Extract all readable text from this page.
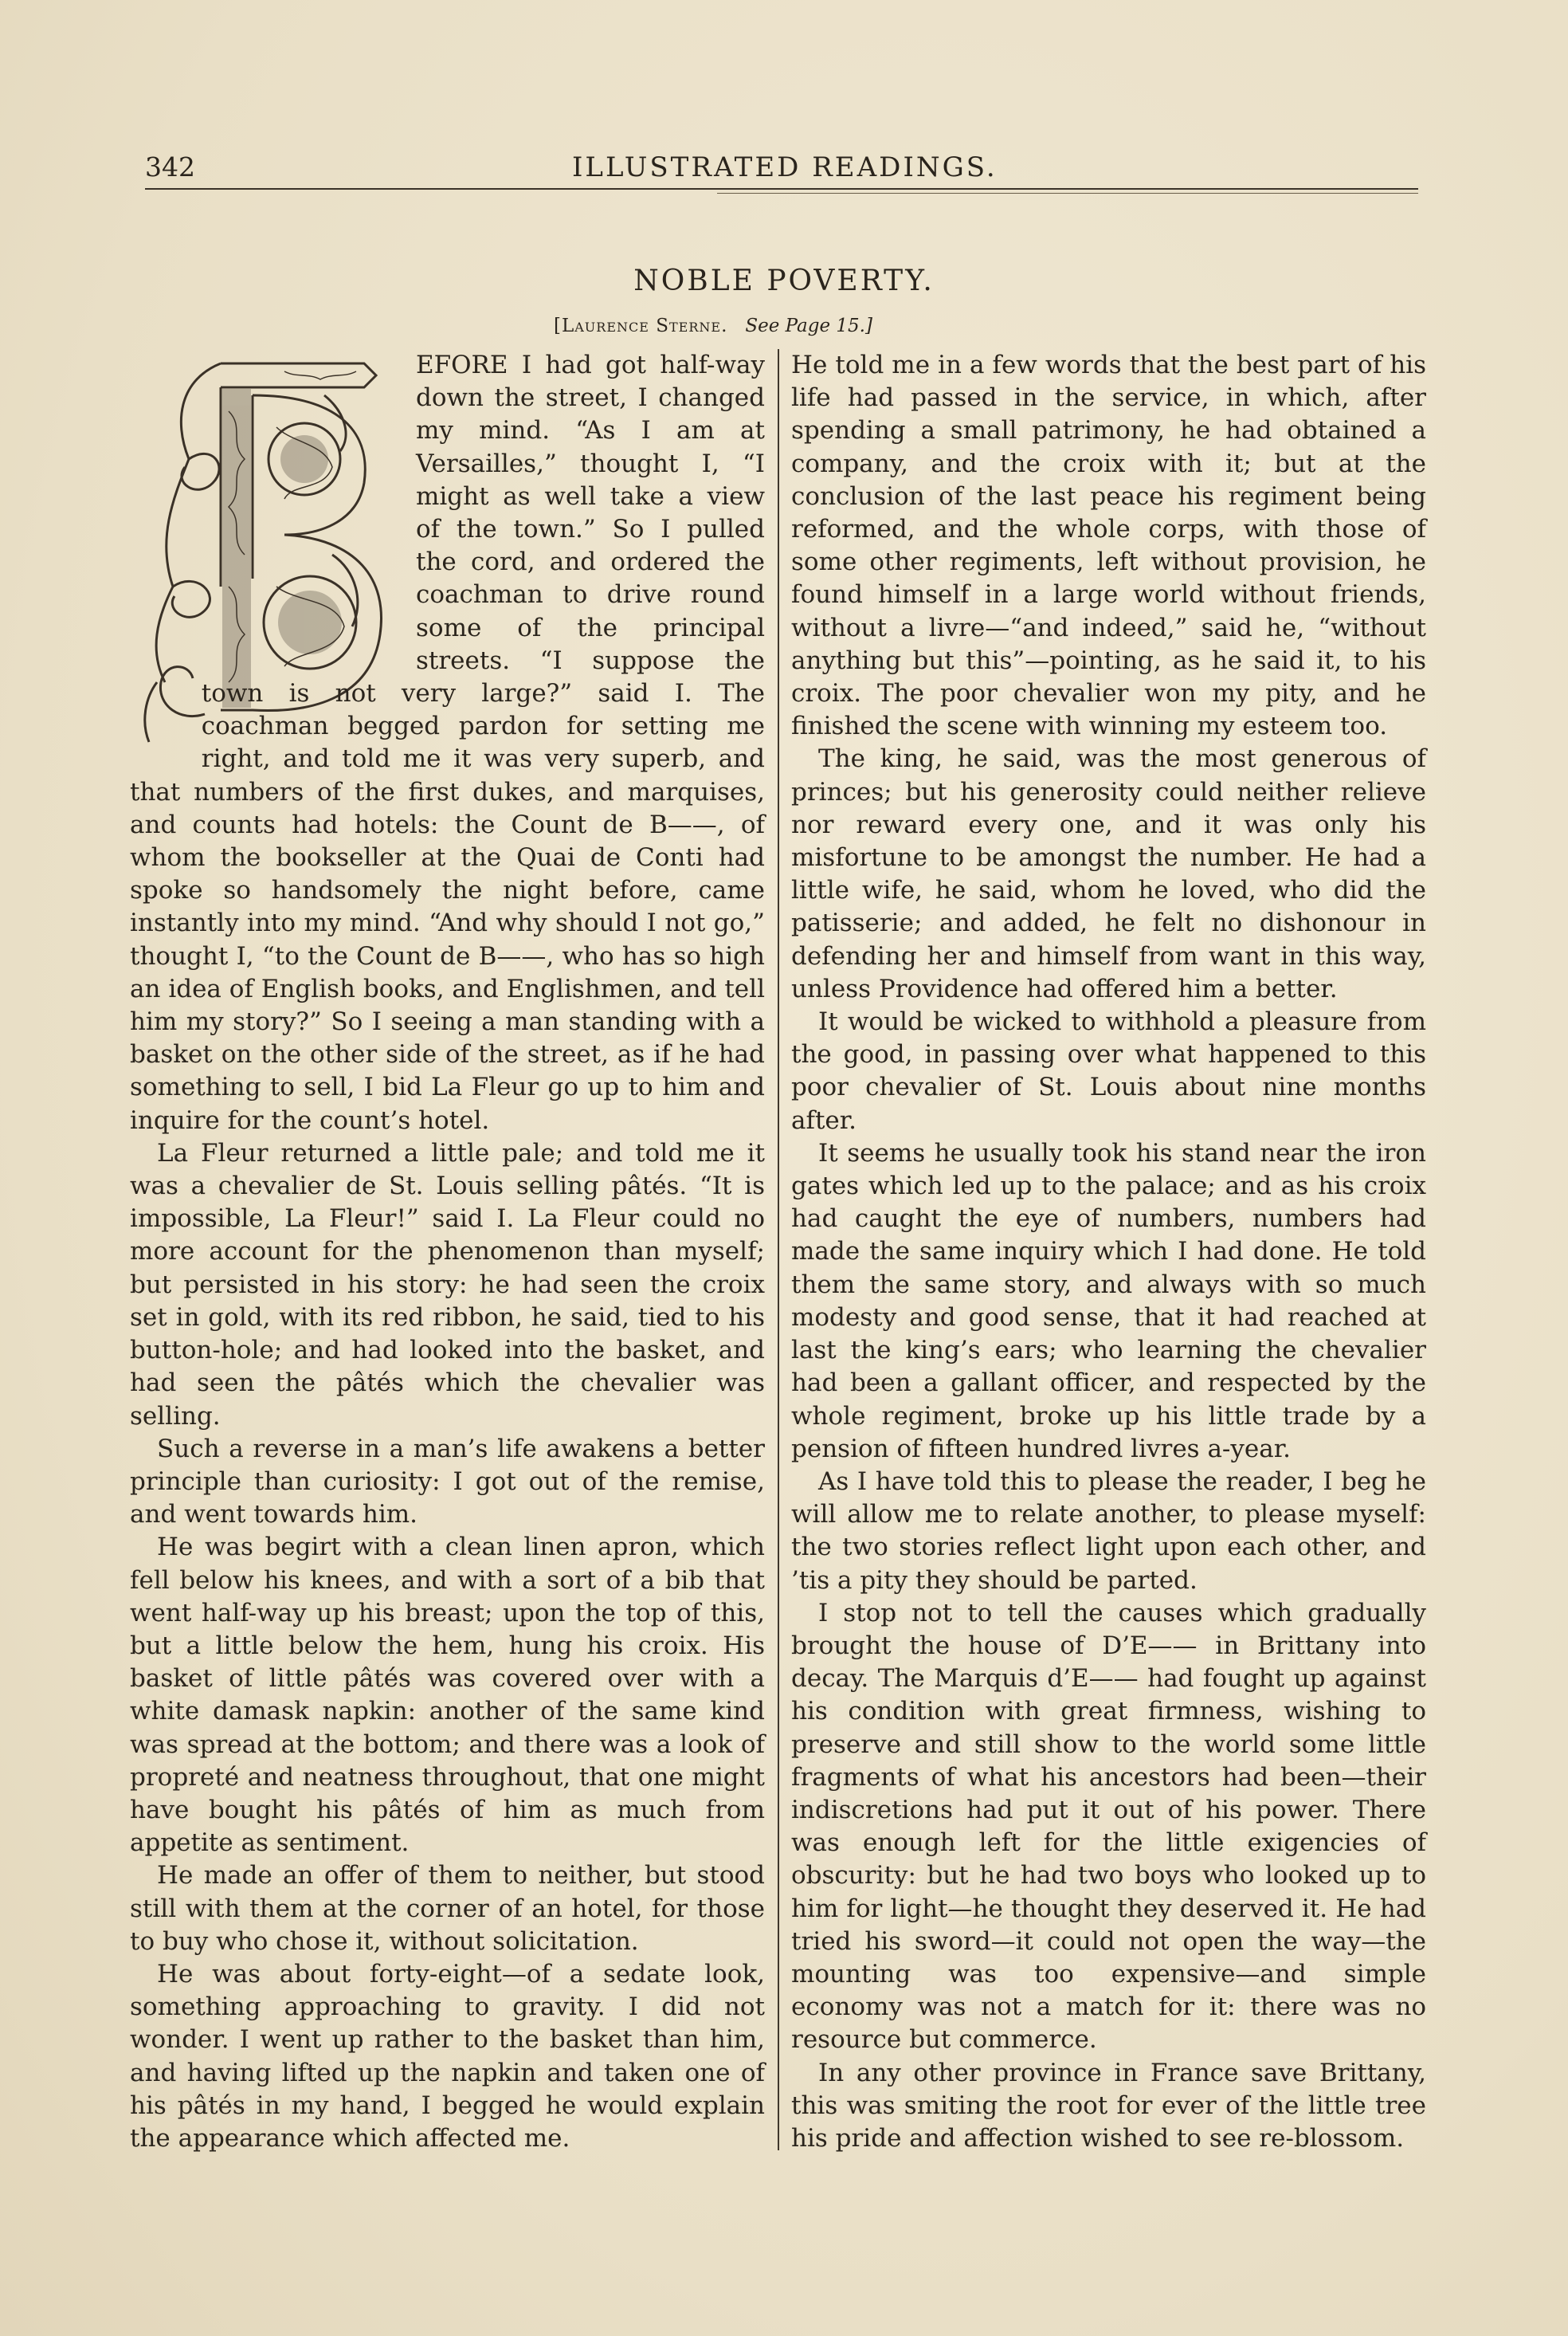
342	ILLUSTRATED READINGS.
NOBLE POVERTY.
[Laurence Sterne. See Page 15.]

EFORE I had got half-way down the street, I changed my mind. “As I am at Versailles,” thought I, “I might as well take a view of the town.” So I pulled the cord, and ordered the coachman to drive round some of the principal streets. “I suppose the town is not very large?” said I. The coachman begged pardon for setting me right, and told me it was very superb, and that numbers of the first dukes, and marquises, and counts had hotels: the Count de B——, of whom the bookseller at the Quai de Conti had spoke so handsomely the night before, came instantly into my mind. “And why should I not go,” thought I, “to the Count de B——, who has so high an idea of English books, and Englishmen, and tell him my story?” So I seeing a man standing with a basket on the other side of the street, as if he had something to sell, I bid La Fleur go up to him and inquire for the count’s hotel.

La Fleur returned a little pale; and told me it was a chevalier de St. Louis selling pâtés. “It is impossible, La Fleur!” said I. La Fleur could no more account for the phenomenon than myself; but persisted in his story: he had seen the croix set in gold, with its red ribbon, he said, tied to his button-hole; and had looked into the basket, and had seen the pâtés which the chevalier was selling.

Such a reverse in a man’s life awakens a better principle than curiosity: I got out of the remise, and went towards him.

He was begirt with a clean linen apron, which fell below his knees, and with a sort of a bib that went half-way up his breast; upon the top of this, but a little below the hem, hung his croix. His basket of little pâtés was covered over with a white damask napkin: another of the same kind was spread at the bottom; and there was a look of propreté and neatness throughout, that one might have bought his pâtés of him as much from appetite as sentiment.

He made an offer of them to neither, but stood still with them at the corner of an hotel, for those to buy who chose it, without solicitation.

He was about forty-eight—of a sedate look, something approaching to gravity. I did not wonder. I went up rather to the basket than him, and having lifted up the napkin and taken one of his pâtés in my hand, I begged he would explain the appearance which affected me.

He told me in a few words that the best part of his life had passed in the service, in which, after spending a small patrimony, he had obtained a company, and the croix with it; but at the conclusion of the last peace his regiment being reformed, and the whole corps, with those of some other regiments, left without provision, he found himself in a large world without friends, without a livre—“and indeed,” said he, “without anything but this”—pointing, as he said it, to his croix. The poor chevalier won my pity, and he finished the scene with winning my esteem too.

The king, he said, was the most generous of princes; but his generosity could neither relieve nor reward every one, and it was only his misfortune to be amongst the number. He had a little wife, he said, whom he loved, who did the patisserie; and added, he felt no dishonour in defending her and himself from want in this way, unless Providence had offered him a better.

It would be wicked to withhold a pleasure from the good, in passing over what happened to this poor chevalier of St. Louis about nine months after.

It seems he usually took his stand near the iron gates which led up to the palace; and as his croix had caught the eye of numbers, numbers had made the same inquiry which I had done. He told them the same story, and always with so much modesty and good sense, that it had reached at last the king’s ears; who learning the chevalier had been a gallant officer, and respected by the whole regiment, broke up his little trade by a pension of fifteen hundred livres a-year.

As I have told this to please the reader, I beg he will allow me to relate another, to please myself: the two stories reflect light upon each other, and ’tis a pity they should be parted.

I stop not to tell the causes which gradually brought the house of D’E—— in Brittany into decay. The Marquis d’E—— had fought up against his condition with great firmness, wishing to preserve and still show to the world some little fragments of what his ancestors had been—their indiscretions had put it out of his power. There was enough left for the little exigencies of obscurity: but he had two boys who looked up to him for light—he thought they deserved it. He had tried his sword—it could not open the way—the mounting was too expensive—and simple economy was not a match for it: there was no resource but commerce.

In any other province in France save Brittany, this was smiting the root for ever of the little tree his pride and affection wished to see re-blossom.
